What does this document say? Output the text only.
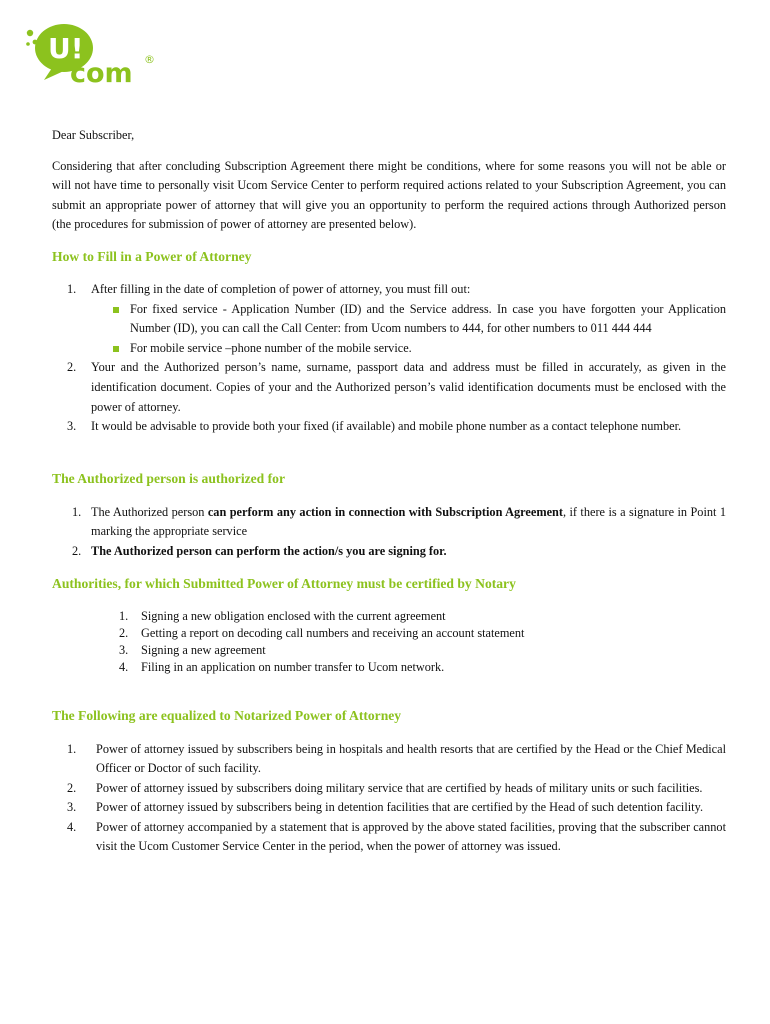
U!
com ®

Dear Subscriber,

Considering that after concluding Subscription Agreement there might be conditions, where for some reasons you will not be able or will not have time to personally visit Ucom Service Center to perform required actions related to your Subscription Agreement, you can submit an appropriate power of attorney that will give you an opportunity to perform the required actions through Authorized person (the procedures for submission of power of attorney are presented below).

How to Fill in a Power of Attorney
1. After filling in the date of completion of power of attorney, you must fill out:
For fixed service - Application Number (ID) and the Service address. In case you have forgotten your Application Number (ID), you can call the Call Center: from Ucom numbers to 444, for other numbers to 011 444 444
For mobile service –phone number of the mobile service.
2. Your and the Authorized person’s name, surname, passport data and address must be filled in accurately, as given in the identification document. Copies of your and the Authorized person’s valid identification documents must be enclosed with the power of attorney.
3. It would be advisable to provide both your fixed (if available) and mobile phone number as a contact telephone number.
The Authorized person is authorized for
1. The Authorized person can perform any action in connection with Subscription Agreement, if there is a signature in Point 1 marking the appropriate service
2. The Authorized person can perform the action/s you are signing for.
Authorities, for which Submitted Power of Attorney must be certified by Notary
1. Signing a new obligation enclosed with the current agreement
2. Getting a report on decoding call numbers and receiving an account statement
3. Signing a new agreement
4. Filing in an application on number transfer to Ucom network.
The Following are equalized to Notarized Power of Attorney
1. Power of attorney issued by subscribers being in hospitals and health resorts that are certified by the Head or the Chief Medical Officer or Doctor of such facility.
2. Power of attorney issued by subscribers doing military service that are certified by heads of military units or such facilities.
3. Power of attorney issued by subscribers being in detention facilities that are certified by the Head of such detention facility.
4. Power of attorney accompanied by a statement that is approved by the above stated facilities, proving that the subscriber cannot visit the Ucom Customer Service Center in the period, when the power of attorney was issued.
